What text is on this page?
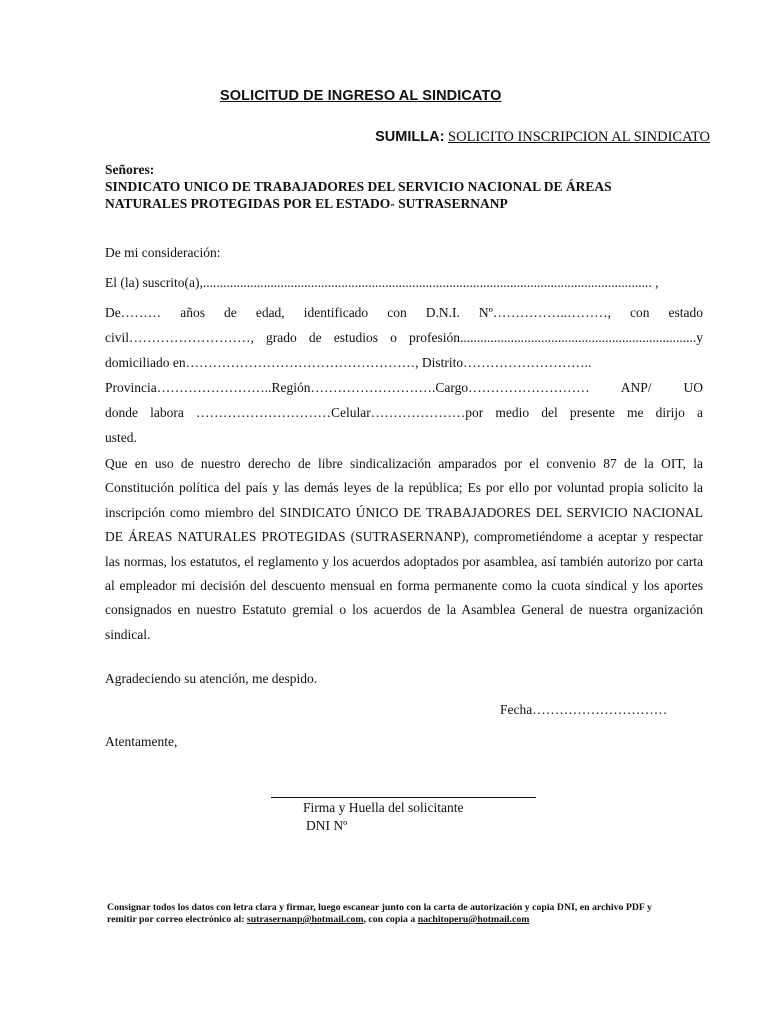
SOLICITUD DE INGRESO AL SINDICATO
SUMILLA: SOLICITO INSCRIPCION AL SINDICATO
Señores:
SINDICATO UNICO DE TRABAJADORES DEL SERVICIO NACIONAL DE ÁREAS
NATURALES PROTEGIDAS POR EL ESTADO- SUTRASERNANP
De mi consideración:
El (la) suscrito(a),..................................................................................................................................... ,
De……… años de edad, identificado con D.N.I. Nº……………..………, con estado
civil………………………, grado de estudios o profesión......................................................................y
domiciliado en……………………………………………, Distrito………………………..
Provincia……………………..Región……………………….Cargo……………………… ANP/ UO
donde labora …………………………Celular…………………por medio del presente me dirijo a
usted.
Que en uso de nuestro derecho de libre sindicalización amparados por el convenio 87 de la OIT, la Constitución política del país y las demás leyes de la república; Es por ello por voluntad propia solicito la inscripción como miembro del SINDICATO ÚNICO DE TRABAJADORES DEL SERVICIO NACIONAL DE ÁREAS NATURALES PROTEGIDAS (SUTRASERNANP), comprometiéndome a aceptar y respectar las normas, los estatutos, el reglamento y los acuerdos adoptados por asamblea, así también autorizo por carta al empleador mi decisión del descuento mensual en forma permanente como la cuota sindical y los aportes consignados en nuestro Estatuto gremial o los acuerdos de la Asamblea General de nuestra organización sindical.
Agradeciendo su atención, me despido.
Fecha…………………………
Atentamente,
Firma y Huella del solicitante
DNI Nº
Consignar todos los datos con letra clara y firmar, luego escanear junto con la carta de autorización y copia DNI, en archivo PDF y
remitir por correo electrónico al: sutrasernanp@hotmail.com, con copia a nachitoperu@hotmail.com
